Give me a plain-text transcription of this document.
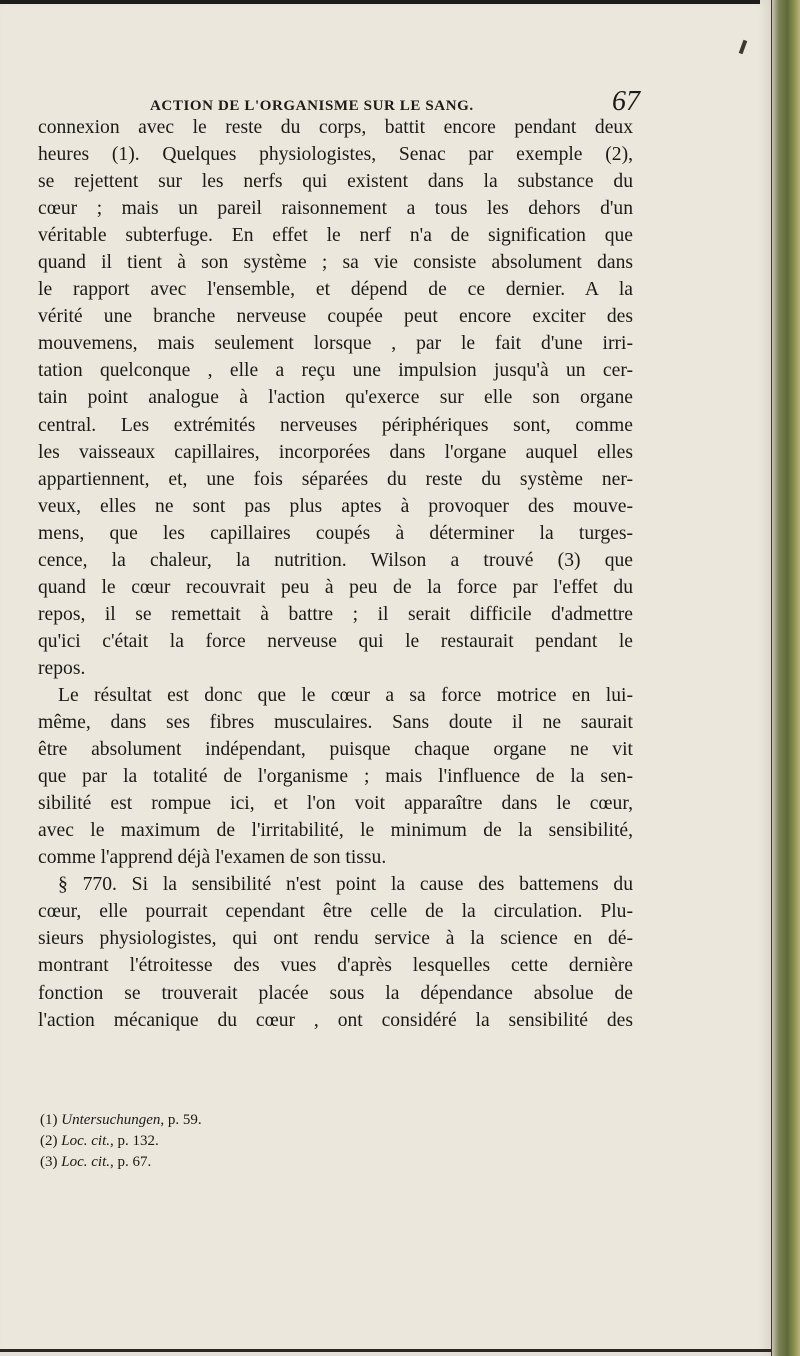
ACTION DE L'ORGANISME SUR LE SANG.	67
connexion avec le reste du corps, battit encore pendant deux
heures (1). Quelques physiologistes, Senac par exemple (2),
se rejettent sur les nerfs qui existent dans la substance du
cœur ; mais un pareil raisonnement a tous les dehors d'un
véritable subterfuge. En effet le nerf n'a de signification que
quand il tient à son système ; sa vie consiste absolument dans
le rapport avec l'ensemble, et dépend de ce dernier. A la
vérité une branche nerveuse coupée peut encore exciter des
mouvemens, mais seulement lorsque , par le fait d'une irri-
tation quelconque , elle a reçu une impulsion jusqu'à un cer-
tain point analogue à l'action qu'exerce sur elle son organe
central. Les extrémités nerveuses périphériques sont, comme
les vaisseaux capillaires, incorporées dans l'organe auquel elles
appartiennent, et, une fois séparées du reste du système ner-
veux, elles ne sont pas plus aptes à provoquer des mouve-
mens, que les capillaires coupés à déterminer la turges-
cence, la chaleur, la nutrition. Wilson a trouvé (3) que
quand le cœur recouvrait peu à peu de la force par l'effet du
repos, il se remettait à battre ; il serait difficile d'admettre
qu'ici c'était la force nerveuse qui le restaurait pendant le
repos.
Le résultat est donc que le cœur a sa force motrice en lui-
même, dans ses fibres musculaires. Sans doute il ne saurait
être absolument indépendant, puisque chaque organe ne vit
que par la totalité de l'organisme ; mais l'influence de la sen-
sibilité est rompue ici, et l'on voit apparaître dans le cœur,
avec le maximum de l'irritabilité, le minimum de la sensibilité,
comme l'apprend déjà l'examen de son tissu.
§ 770. Si la sensibilité n'est point la cause des battemens du
cœur, elle pourrait cependant être celle de la circulation. Plu-
sieurs physiologistes, qui ont rendu service à la science en dé-
montrant l'étroitesse des vues d'après lesquelles cette dernière
fonction se trouverait placée sous la dépendance absolue de
l'action mécanique du cœur , ont considéré la sensibilité des
(1) Untersuchungen, p. 59.
(2) Loc. cit., p. 132.
(3) Loc. cit., p. 67.
